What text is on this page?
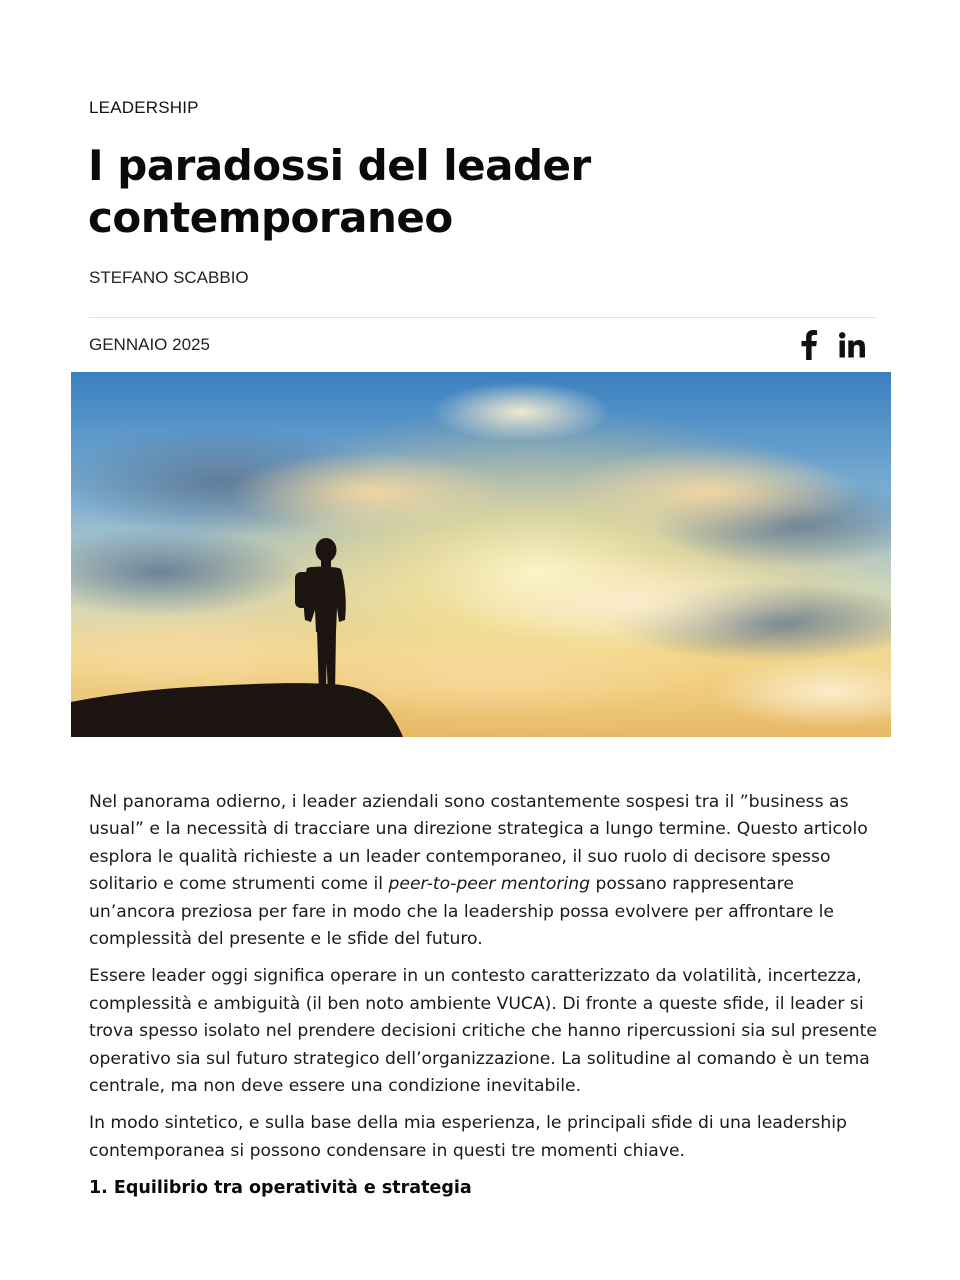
LEADERSHIP
I paradossi del leader contemporaneo
STEFANO SCABBIO
GENNAIO 2025

Nel panorama odierno, i leader aziendali sono costantemente sospesi tra il ”business as usual” e la necessità di tracciare una direzione strategica a lungo termine. Questo articolo esplora le qualità richieste a un leader contemporaneo, il suo ruolo di decisore spesso solitario e come strumenti come il peer-to-peer mentoring possano rappresentare un’ancora preziosa per fare in modo che la leadership possa evolvere per affrontare le complessità del presente e le sfide del futuro.

Essere leader oggi significa operare in un contesto caratterizzato da volatilità, incertezza, complessità e ambiguità (il ben noto ambiente VUCA). Di fronte a queste sfide, il leader si trova spesso isolato nel prendere decisioni critiche che hanno ripercussioni sia sul presente operativo sia sul futuro strategico dell’organizzazione. La solitudine al comando è un tema centrale, ma non deve essere una condizione inevitabile.

In modo sintetico, e sulla base della mia esperienza, le principali sfide di una leadership contemporanea si possono condensare in questi tre momenti chiave.

1. Equilibrio tra operatività e strategia
